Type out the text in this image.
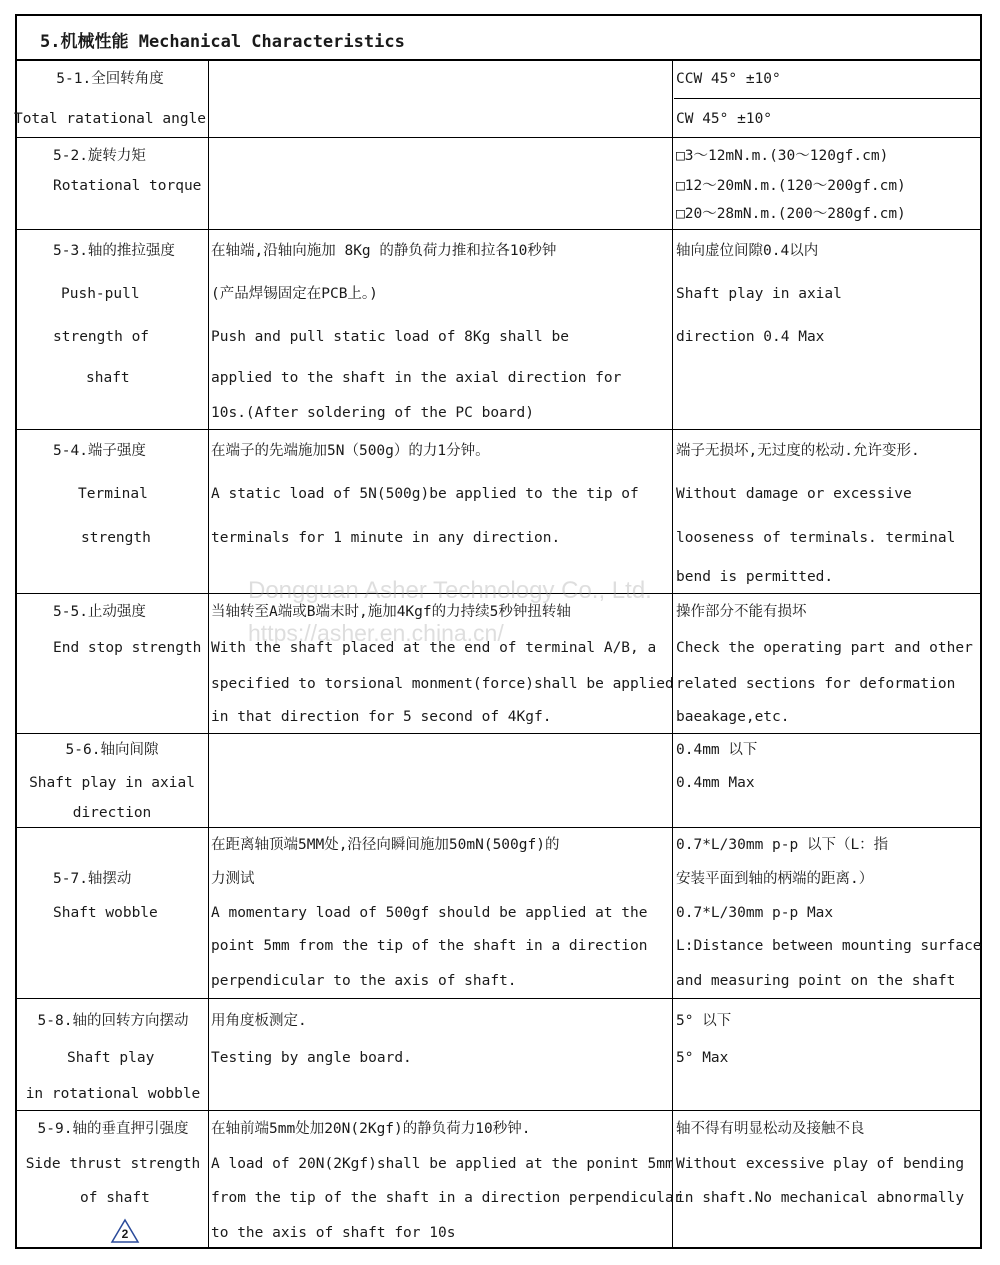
5.机械性能 Mechanical Characteristics
Dongguan Asher Technology Co., Ltd.
https://asher.en.china.cn/
5-1.全回转角度
Total ratational angle
CCW 45° ±10°
CW 45° ±10°
5-2.旋转力矩
Rotational torque
□3～12mN.m.(30～120gf.cm)
□12～20mN.m.(120～200gf.cm)
□20～28mN.m.(200～280gf.cm)
5-3.轴的推拉强度
Push-pull
strength of
shaft
在轴端,沿轴向施加 8Kg 的静负荷力推和拉各10秒钟
(产品焊锡固定在PCB上。)
Push and pull static load of 8Kg shall be
applied to the shaft in the axial direction for
10s.(After soldering of the PC board)
轴向虚位间隙0.4以内
Shaft play in axial
direction 0.4 Max
5-4.端子强度
Terminal
strength
在端子的先端施加5N（500g）的力1分钟。
A static load of 5N(500g)be applied to the tip of
terminals for 1 minute in any direction.
端子无损坏,无过度的松动.允许变形.
Without damage or excessive
looseness of terminals. terminal
bend is permitted.
5-5.止动强度
End stop strength
当轴转至A端或B端末时,施加4Kgf的力持续5秒钟扭转轴
With the shaft placed at the end of terminal A/B, a
specified to torsional monment(force)shall be applied
in that direction for 5 second of 4Kgf.
操作部分不能有损坏
Check the operating part and other
related sections for deformation
baeakage,etc.
5-6.轴向间隙
Shaft play in axial
direction
0.4mm 以下
0.4mm Max
5-7.轴摆动
Shaft wobble
在距离轴顶端5MM处,沿径向瞬间施加50mN(500gf)的
力测试
A momentary load of 500gf should be applied at the
point 5mm from the tip of the shaft in a direction
perpendicular to the axis of shaft.
0.7*L/30mm p-p 以下（L：指
安装平面到轴的柄端的距离.）
0.7*L/30mm p-p Max
L:Distance between mounting surface
and measuring point on the shaft
5-8.轴的回转方向摆动
Shaft play
in rotational wobble
用角度板测定.
Testing by angle board.
5° 以下
5° Max
5-9.轴的垂直押引强度
Side thrust strength
of shaft
在轴前端5mm处加20N(2Kgf)的静负荷力10秒钟.
A load of 20N(2Kgf)shall be applied at the ponint 5mm
from the tip of the shaft in a direction perpendicular
to the axis of shaft for 10s
轴不得有明显松动及接触不良
Without excessive play of bending
in shaft.No mechanical abnormally
2
